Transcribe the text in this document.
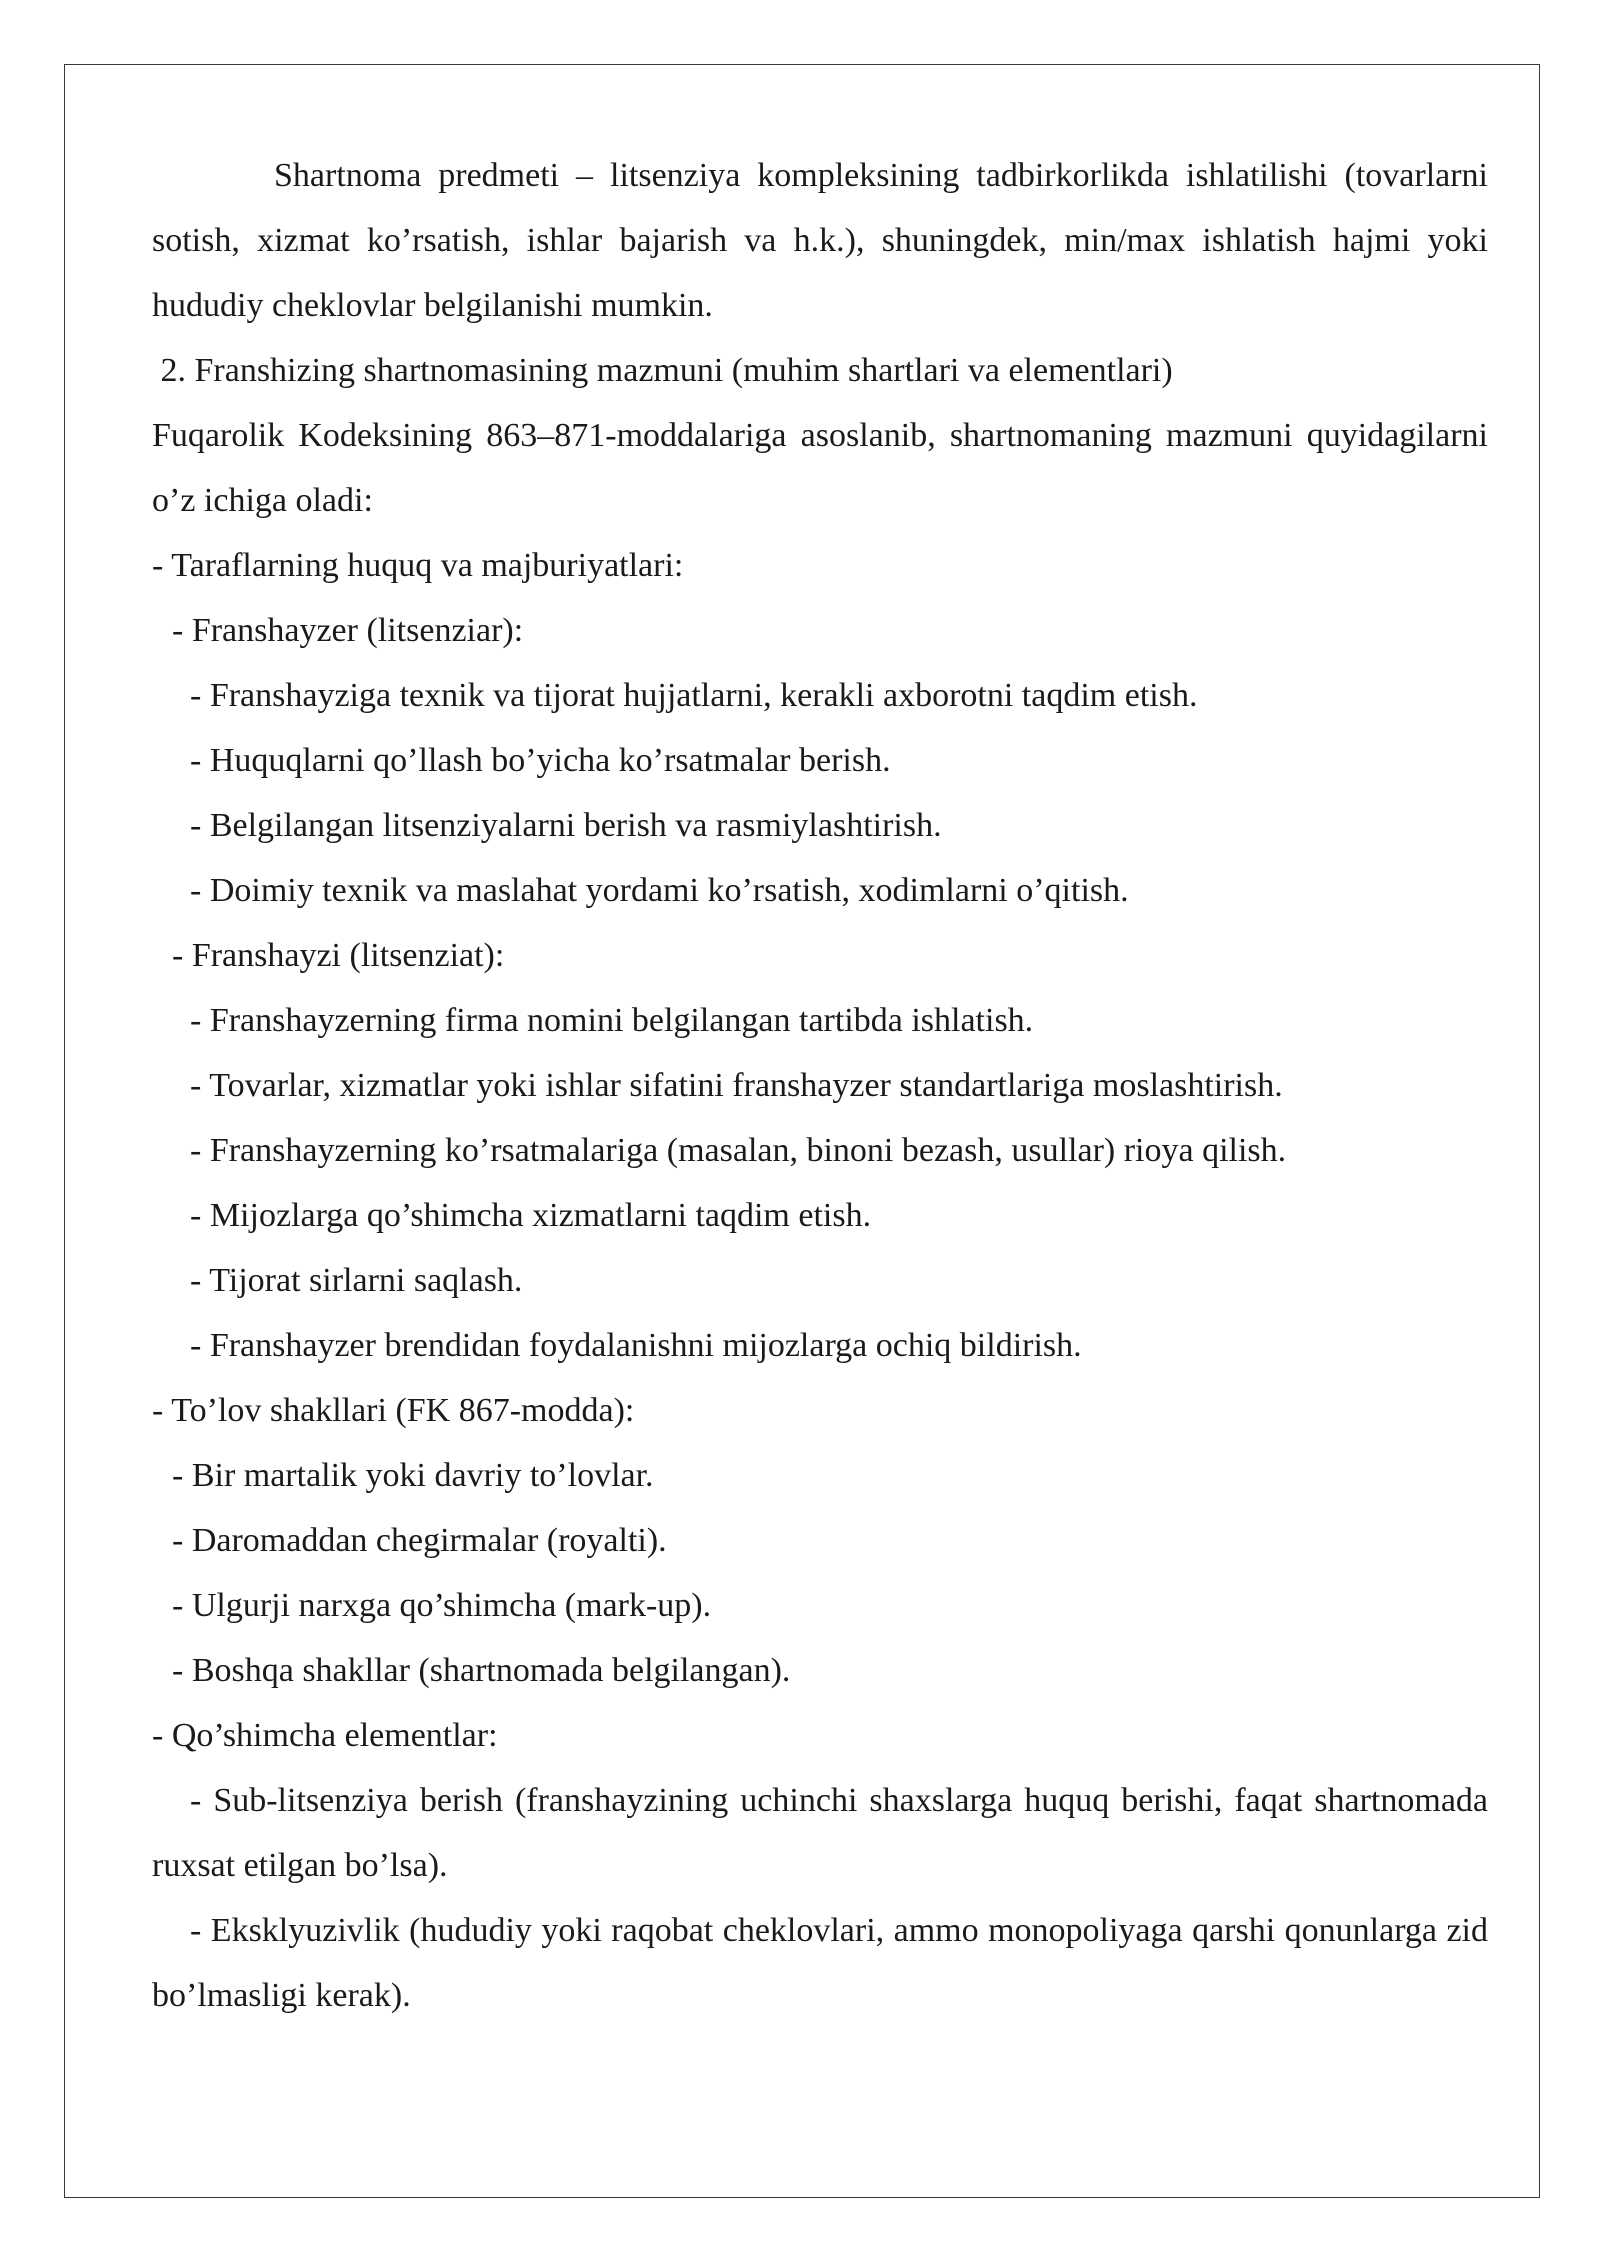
Shartnoma predmeti – litsenziya kompleksining tadbirkorlikda ishlatilishi (tovarlarni sotish, xizmat ko’rsatish, ishlar bajarish va h.k.), shuningdek, min/max ishlatish hajmi yoki hududiy cheklovlar belgilanishi mumkin.

2. Franshizing shartnomasining mazmuni (muhim shartlari va elementlari)

Fuqarolik Kodeksining 863–871-moddalariga asoslanib, shartnomaning mazmuni quyidagilarni o’z ichiga oladi:

- Taraflarning huquq va majburiyatlari:

- Franshayzer (litsenziar):

- Franshayziga texnik va tijorat hujjatlarni, kerakli axborotni taqdim etish.

- Huquqlarni qo’llash bo’yicha ko’rsatmalar berish.

- Belgilangan litsenziyalarni berish va rasmiylashtirish.

- Doimiy texnik va maslahat yordami ko’rsatish, xodimlarni o’qitish.

- Franshayzi (litsenziat):

- Franshayzerning firma nomini belgilangan tartibda ishlatish.

- Tovarlar, xizmatlar yoki ishlar sifatini franshayzer standartlariga moslashtirish.

- Franshayzerning ko’rsatmalariga (masalan, binoni bezash, usullar) rioya qilish.

- Mijozlarga qo’shimcha xizmatlarni taqdim etish.

- Tijorat sirlarni saqlash.

- Franshayzer brendidan foydalanishni mijozlarga ochiq bildirish.

- To’lov shakllari (FK 867-modda):

- Bir martalik yoki davriy to’lovlar.

- Daromaddan chegirmalar (royalti).

- Ulgurji narxga qo’shimcha (mark-up).

- Boshqa shakllar (shartnomada belgilangan).

- Qo’shimcha elementlar:

- Sub-litsenziya berish (franshayzining uchinchi shaxslarga huquq berishi, faqat shartnomada ruxsat etilgan bo’lsa).

- Eksklyuzivlik (hududiy yoki raqobat cheklovlari, ammo monopoliyaga qarshi qonunlarga zid bo’lmasligi kerak).
